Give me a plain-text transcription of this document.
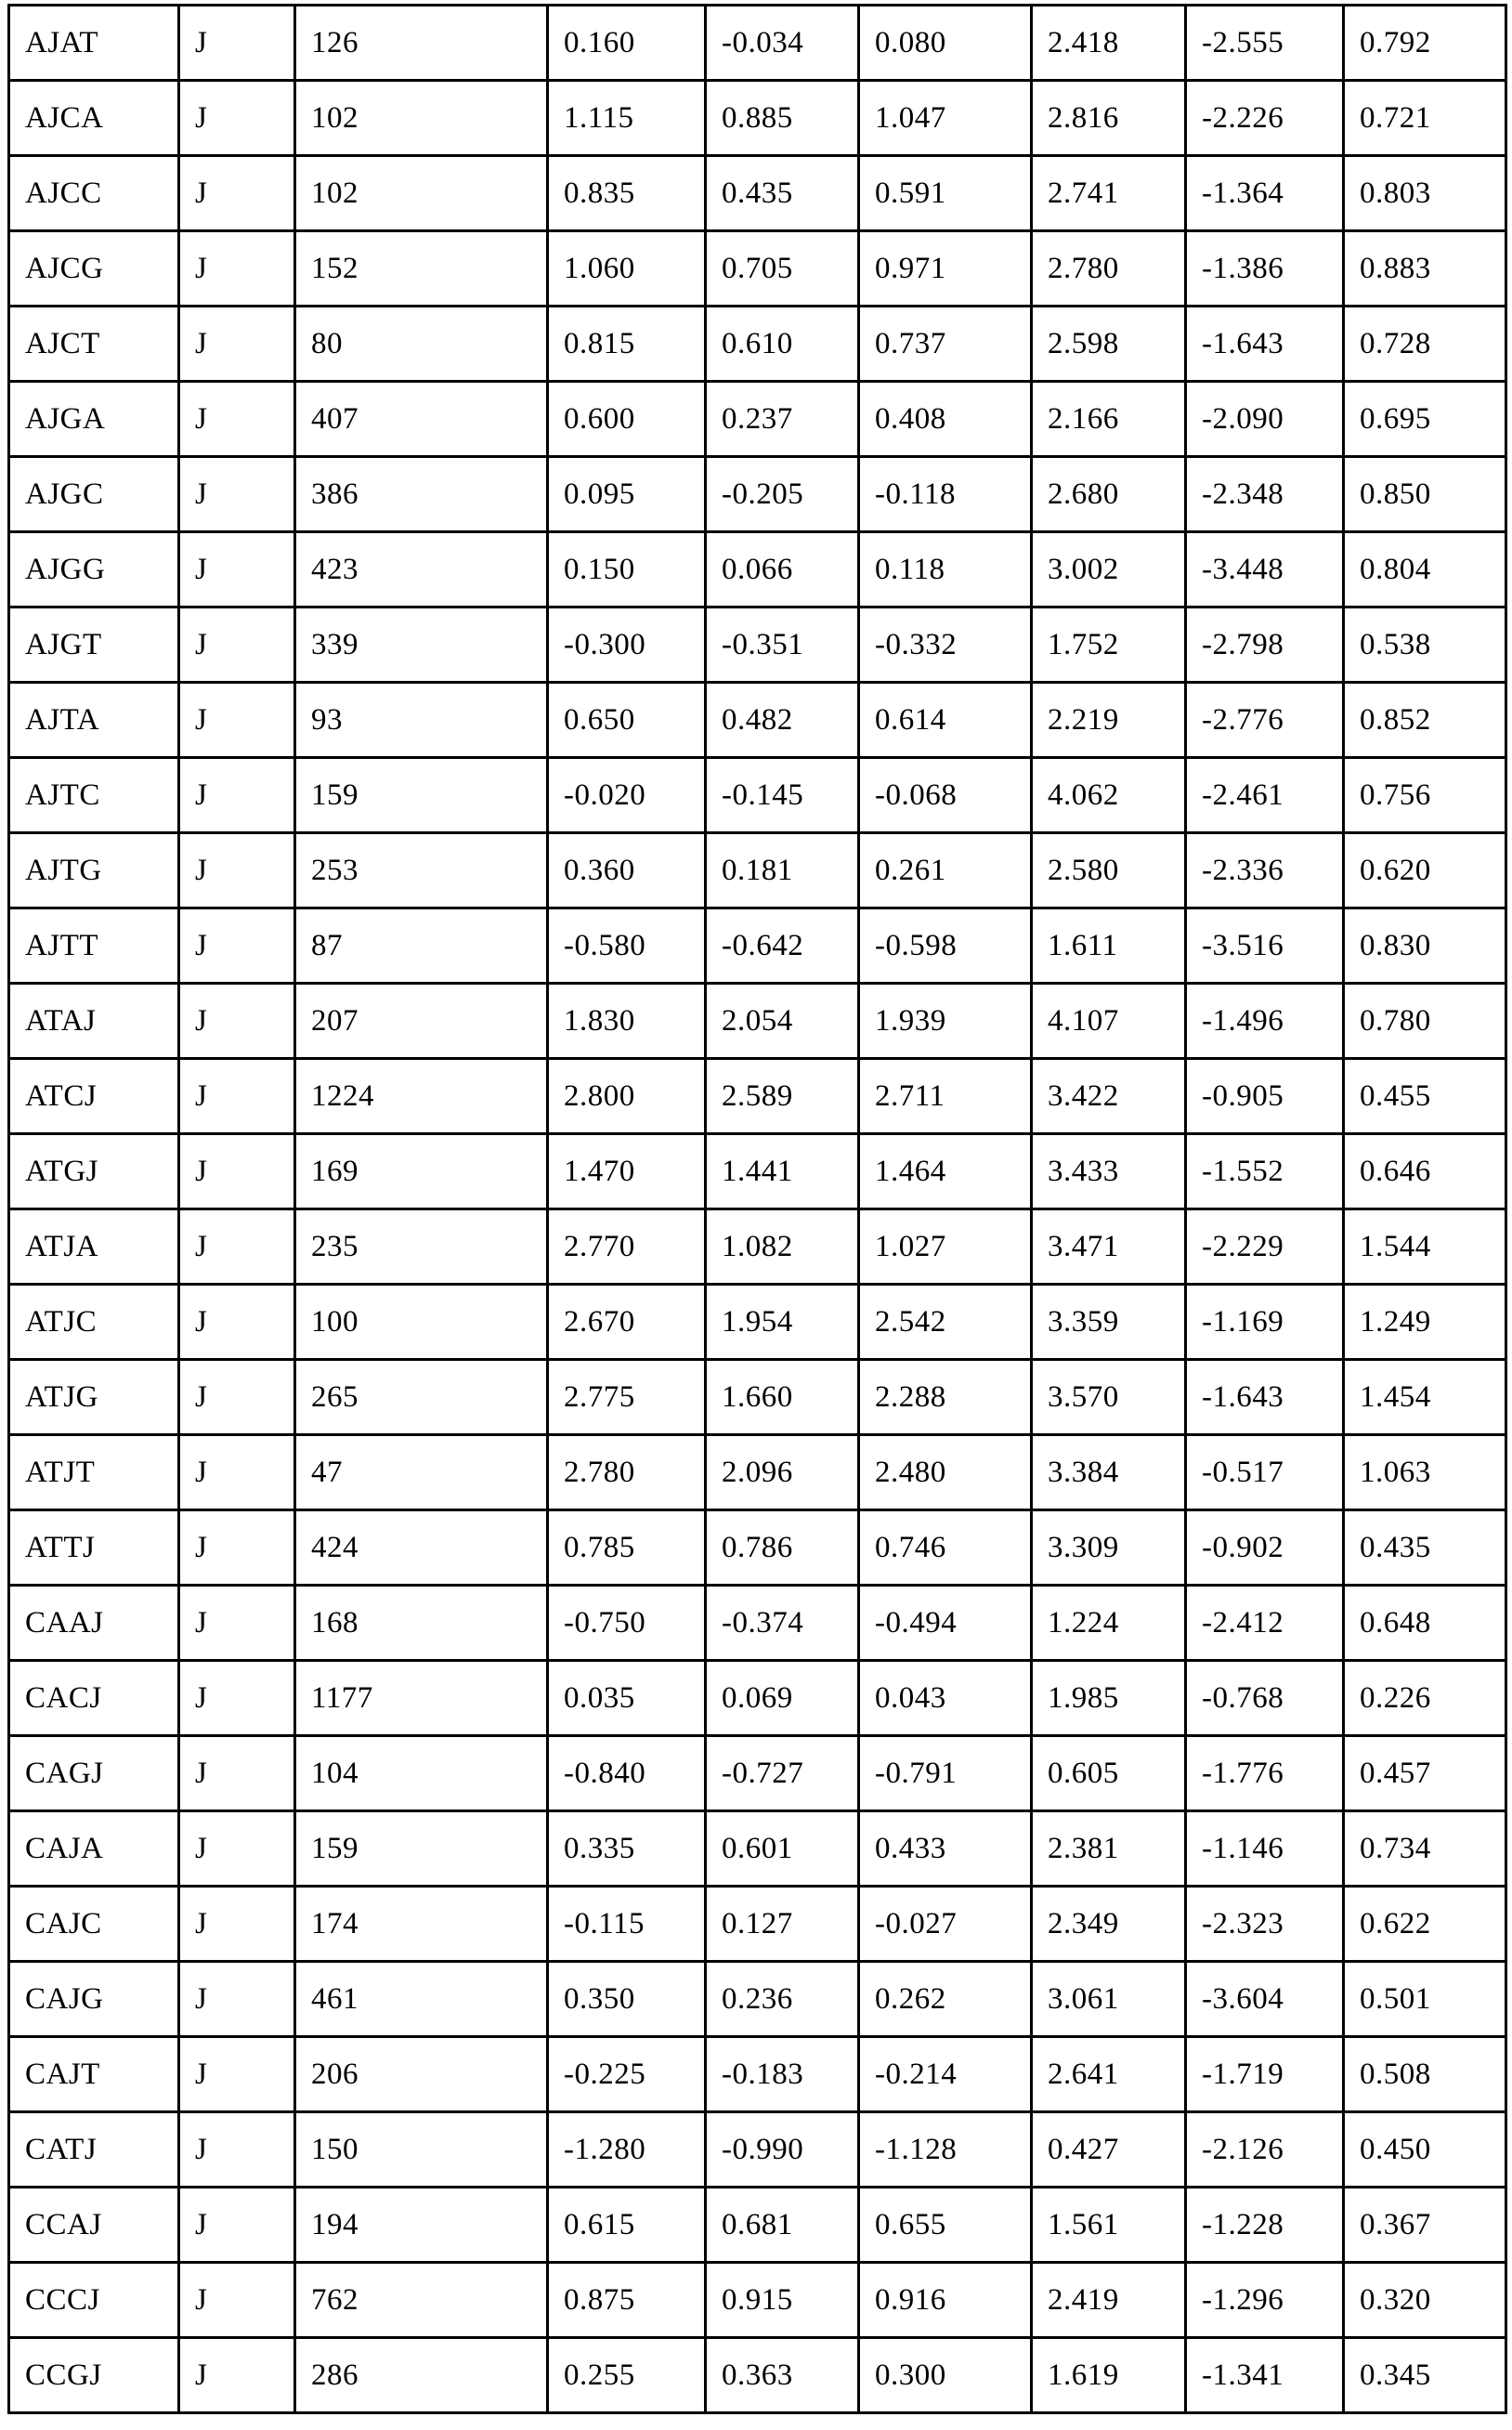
AJAT	J	126	0.160	-0.034	0.080	2.418	-2.555	0.792
AJCA	J	102	1.115	0.885	1.047	2.816	-2.226	0.721
AJCC	J	102	0.835	0.435	0.591	2.741	-1.364	0.803
AJCG	J	152	1.060	0.705	0.971	2.780	-1.386	0.883
AJCT	J	80	0.815	0.610	0.737	2.598	-1.643	0.728
AJGA	J	407	0.600	0.237	0.408	2.166	-2.090	0.695
AJGC	J	386	0.095	-0.205	-0.118	2.680	-2.348	0.850
AJGG	J	423	0.150	0.066	0.118	3.002	-3.448	0.804
AJGT	J	339	-0.300	-0.351	-0.332	1.752	-2.798	0.538
AJTA	J	93	0.650	0.482	0.614	2.219	-2.776	0.852
AJTC	J	159	-0.020	-0.145	-0.068	4.062	-2.461	0.756
AJTG	J	253	0.360	0.181	0.261	2.580	-2.336	0.620
AJTT	J	87	-0.580	-0.642	-0.598	1.611	-3.516	0.830
ATAJ	J	207	1.830	2.054	1.939	4.107	-1.496	0.780
ATCJ	J	1224	2.800	2.589	2.711	3.422	-0.905	0.455
ATGJ	J	169	1.470	1.441	1.464	3.433	-1.552	0.646
ATJA	J	235	2.770	1.082	1.027	3.471	-2.229	1.544
ATJC	J	100	2.670	1.954	2.542	3.359	-1.169	1.249
ATJG	J	265	2.775	1.660	2.288	3.570	-1.643	1.454
ATJT	J	47	2.780	2.096	2.480	3.384	-0.517	1.063
ATTJ	J	424	0.785	0.786	0.746	3.309	-0.902	0.435
CAAJ	J	168	-0.750	-0.374	-0.494	1.224	-2.412	0.648
CACJ	J	1177	0.035	0.069	0.043	1.985	-0.768	0.226
CAGJ	J	104	-0.840	-0.727	-0.791	0.605	-1.776	0.457
CAJA	J	159	0.335	0.601	0.433	2.381	-1.146	0.734
CAJC	J	174	-0.115	0.127	-0.027	2.349	-2.323	0.622
CAJG	J	461	0.350	0.236	0.262	3.061	-3.604	0.501
CAJT	J	206	-0.225	-0.183	-0.214	2.641	-1.719	0.508
CATJ	J	150	-1.280	-0.990	-1.128	0.427	-2.126	0.450
CCAJ	J	194	0.615	0.681	0.655	1.561	-1.228	0.367
CCCJ	J	762	0.875	0.915	0.916	2.419	-1.296	0.320
CCGJ	J	286	0.255	0.363	0.300	1.619	-1.341	0.345
